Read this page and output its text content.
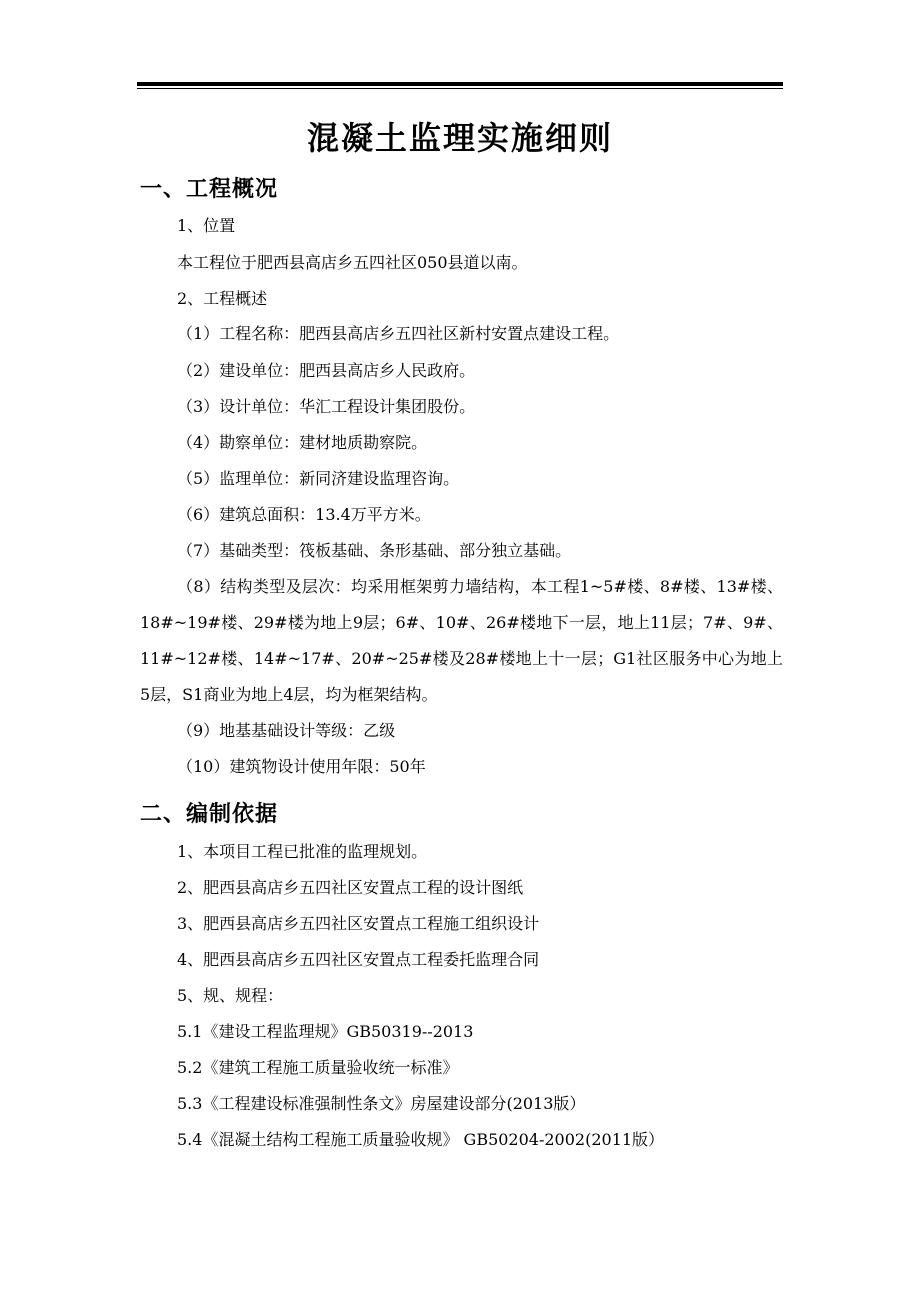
混凝土监理实施细则
一、工程概况
1、位置
本工程位于肥西县高店乡五四社区050县道以南。
2、工程概述
（1）工程名称：肥西县高店乡五四社区新村安置点建设工程。
（2）建设单位：肥西县高店乡人民政府。
（3）设计单位：华汇工程设计集团股份。
（4）勘察单位：建材地质勘察院。
（5）监理单位：新同济建设监理咨询。
（6）建筑总面积：13.4万平方米。
（7）基础类型：筏板基础、条形基础、部分独立基础。
（8）结构类型及层次：均采用框架剪力墙结构，本工程1~5#楼、8#楼、13#楼、18#~19#楼、29#楼为地上9层；6#、10#、26#楼地下一层，地上11层；7#、9#、11#~12#楼、14#~17#、20#~25#楼及28#楼地上十一层；G1社区服务中心为地上5层，S1商业为地上4层，均为框架结构。
（9）地基基础设计等级：乙级
（10）建筑物设计使用年限：50年
二、编制依据
1、本项目工程已批准的监理规划。
2、肥西县高店乡五四社区安置点工程的设计图纸
3、肥西县高店乡五四社区安置点工程施工组织设计
4、肥西县高店乡五四社区安置点工程委托监理合同
5、规、规程：
5.1《建设工程监理规》GB50319--2013
5.2《建筑工程施工质量验收统一标准》
5.3《工程建设标准强制性条文》房屋建设部分(2013版）
5.4《混凝土结构工程施工质量验收规》 GB50204-2002(2011版）
